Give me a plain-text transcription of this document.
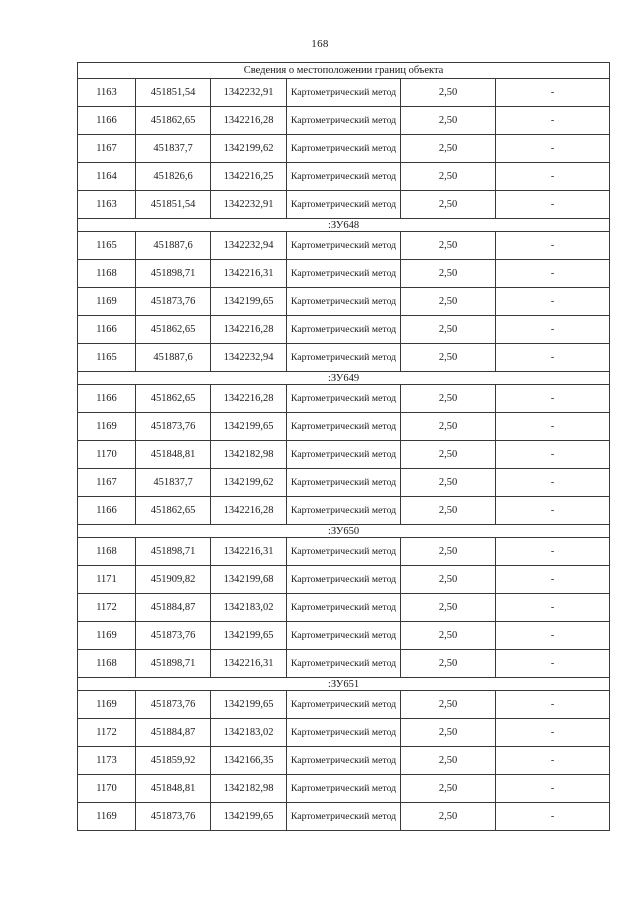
168
Сведения о местоположении границ объекта					
1163	451851,54	1342232,91	Картометрический метод	2,50	-
1166	451862,65	1342216,28	Картометрический метод	2,50	-
1167	451837,7	1342199,62	Картометрический метод	2,50	-
1164	451826,6	1342216,25	Картометрический метод	2,50	-
1163	451851,54	1342232,91	Картометрический метод	2,50	-
:ЗУ648					
1165	451887,6	1342232,94	Картометрический метод	2,50	-
1168	451898,71	1342216,31	Картометрический метод	2,50	-
1169	451873,76	1342199,65	Картометрический метод	2,50	-
1166	451862,65	1342216,28	Картометрический метод	2,50	-
1165	451887,6	1342232,94	Картометрический метод	2,50	-
:ЗУ649					
1166	451862,65	1342216,28	Картометрический метод	2,50	-
1169	451873,76	1342199,65	Картометрический метод	2,50	-
1170	451848,81	1342182,98	Картометрический метод	2,50	-
1167	451837,7	1342199,62	Картометрический метод	2,50	-
1166	451862,65	1342216,28	Картометрический метод	2,50	-
:ЗУ650					
1168	451898,71	1342216,31	Картометрический метод	2,50	-
1171	451909,82	1342199,68	Картометрический метод	2,50	-
1172	451884,87	1342183,02	Картометрический метод	2,50	-
1169	451873,76	1342199,65	Картометрический метод	2,50	-
1168	451898,71	1342216,31	Картометрический метод	2,50	-
:ЗУ651					
1169	451873,76	1342199,65	Картометрический метод	2,50	-
1172	451884,87	1342183,02	Картометрический метод	2,50	-
1173	451859,92	1342166,35	Картометрический метод	2,50	-
1170	451848,81	1342182,98	Картометрический метод	2,50	-
1169	451873,76	1342199,65	Картометрический метод	2,50	-
